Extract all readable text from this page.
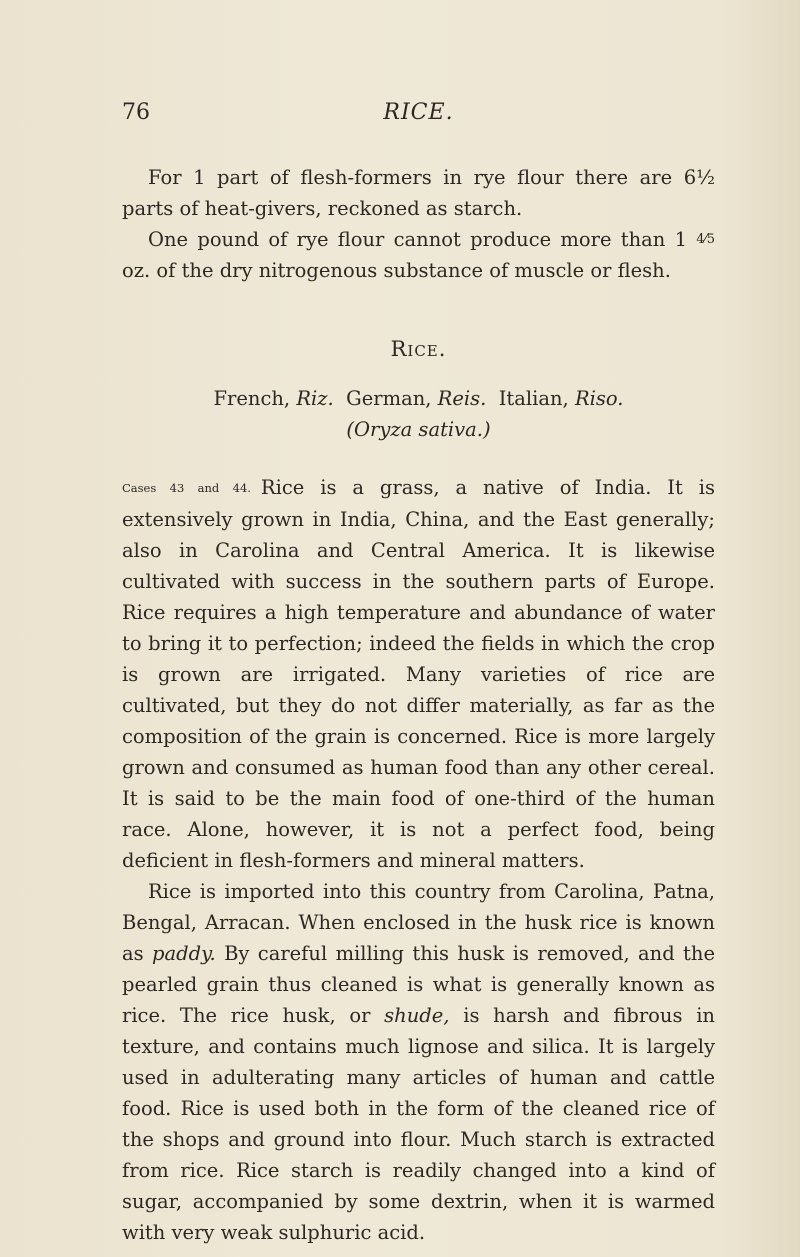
76	RICE.

For 1 part of flesh-formers in rye flour there are 6½ parts of heat-givers, reckoned as starch.

One pound of rye flour cannot produce more than 1 4⁄5 oz. of the dry nitrogenous substance of muscle or flesh.

Rice.

French, Riz. German, Reis. Italian, Riso.

(Oryza sativa.)

Cases 43 and 44. Rice is a grass, a native of India. It is extensively grown in India, China, and the East generally; also in Carolina and Central America. It is likewise cultivated with success in the southern parts of Europe. Rice requires a high temperature and abundance of water to bring it to perfection; indeed the fields in which the crop is grown are irrigated. Many varieties of rice are cultivated, but they do not differ materially, as far as the composition of the grain is concerned. Rice is more largely grown and consumed as human food than any other cereal. It is said to be the main food of one-third of the human race. Alone, however, it is not a perfect food, being deficient in flesh-formers and mineral matters.

Rice is imported into this country from Carolina, Patna, Bengal, Arracan. When enclosed in the husk rice is known as paddy. By careful milling this husk is removed, and the pearled grain thus cleaned is what is generally known as rice. The rice husk, or shude, is harsh and fibrous in texture, and contains much lignose and silica. It is largely used in adulterating many articles of human and cattle food. Rice is used both in the form of the cleaned rice of the shops and ground into flour. Much starch is extracted from rice. Rice starch is readily changed into a kind of sugar, accompanied by some dextrin, when it is warmed with very weak sulphuric acid.
